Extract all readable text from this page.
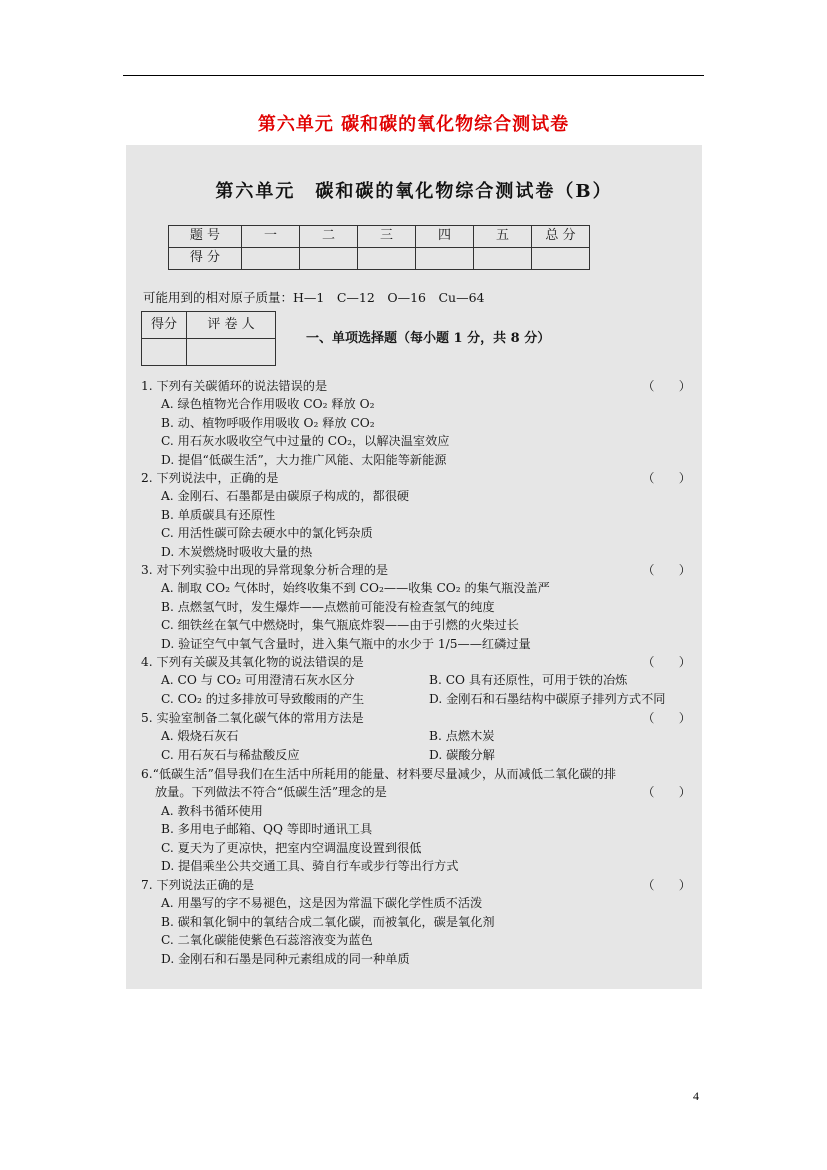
第六单元 碳和碳的氧化物综合测试卷
第六单元　碳和碳的氧化物综合测试卷（B）
题 号	一	二	三	四	五	总 分
得 分						
可能用到的相对原子质量：H—1　C—12　O—16　Cu—64
得分	评 卷 人

一、单项选择题（每小题 1 分，共 8 分）
1. 下列有关碳循环的说法错误的是	（　　）
A. 绿色植物光合作用吸收 CO₂ 释放 O₂
B. 动、植物呼吸作用吸收 O₂ 释放 CO₂
C. 用石灰水吸收空气中过量的 CO₂，以解决温室效应
D. 提倡“低碳生活”，大力推广风能、太阳能等新能源
2. 下列说法中，正确的是	（　　）
A. 金刚石、石墨都是由碳原子构成的，都很硬
B. 单质碳具有还原性
C. 用活性碳可除去硬水中的氯化钙杂质
D. 木炭燃烧时吸收大量的热
3. 对下列实验中出现的异常现象分析合理的是	（　　）
A. 制取 CO₂ 气体时，始终收集不到 CO₂——收集 CO₂ 的集气瓶没盖严
B. 点燃氢气时，发生爆炸——点燃前可能没有检查氢气的纯度
C. 细铁丝在氧气中燃烧时，集气瓶底炸裂——由于引燃的火柴过长
D. 验证空气中氧气含量时，进入集气瓶中的水少于 1/5——红磷过量
4. 下列有关碳及其氧化物的说法错误的是	（　　）
A. CO 与 CO₂ 可用澄清石灰水区分	B. CO 具有还原性，可用于铁的冶炼
C. CO₂ 的过多排放可导致酸雨的产生	D. 金刚石和石墨结构中碳原子排列方式不同
5. 实验室制备二氧化碳气体的常用方法是	（　　）
A. 煅烧石灰石	B. 点燃木炭
C. 用石灰石与稀盐酸反应	D. 碳酸分解
6.“低碳生活”倡导我们在生活中所耗用的能量、材料要尽量减少，从而减低二氧化碳的排
放量。下列做法不符合“低碳生活”理念的是	（　　）
A. 教科书循环使用
B. 多用电子邮箱、QQ 等即时通讯工具
C. 夏天为了更凉快，把室内空调温度设置到很低
D. 提倡乘坐公共交通工具、骑自行车或步行等出行方式
7. 下列说法正确的是	（　　）
A. 用墨写的字不易褪色，这是因为常温下碳化学性质不活泼
B. 碳和氧化铜中的氧结合成二氧化碳，而被氧化，碳是氧化剂
C. 二氧化碳能使紫色石蕊溶液变为蓝色
D. 金刚石和石墨是同种元素组成的同一种单质
4
